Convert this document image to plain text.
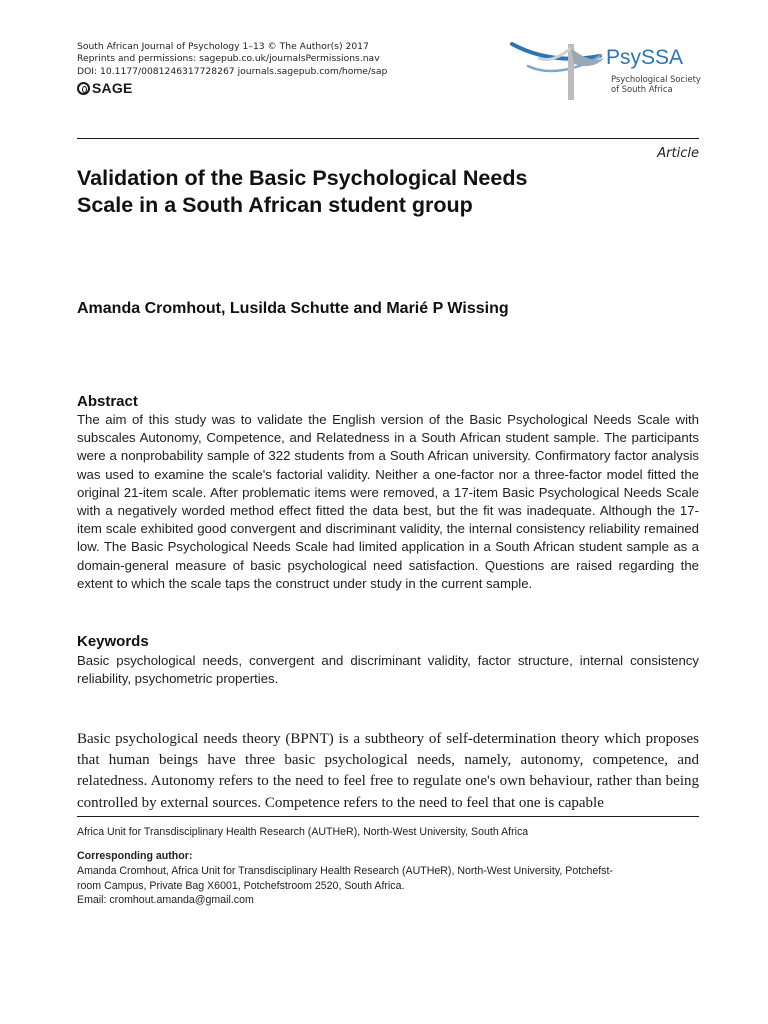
South African Journal of Psychology 1–13 © The Author(s) 2017
Reprints and permissions: sagepub.co.uk/journalsPermissions.nav
DOI: 10.1177/0081246317728267 journals.sagepub.com/home/sap
SAGE
PsySSA
Psychological Society
of South Africa
Article
Validation of the Basic Psychological Needs Scale in a South African student group
Amanda Cromhout, Lusilda Schutte and Marié P Wissing
Abstract
The aim of this study was to validate the English version of the Basic Psychological Needs Scale with subscales Autonomy, Competence, and Relatedness in a South African student sample. The participants were a nonprobability sample of 322 students from a South African university. Confirmatory factor analysis was used to examine the scale's factorial validity. Neither a one-factor nor a three-factor model fitted the original 21-item scale. After problematic items were removed, a 17-item Basic Psychological Needs Scale with a negatively worded method effect fitted the data best, but the fit was inadequate. Although the 17-item scale exhibited good convergent and discriminant validity, the internal consistency reliability remained low. The Basic Psychological Needs Scale had limited application in a South African student sample as a domain-general measure of basic psychological need satisfaction. Questions are raised regarding the extent to which the scale taps the construct under study in the current sample.
Keywords
Basic psychological needs, convergent and discriminant validity, factor structure, internal consistency reliability, psychometric properties.
Basic psychological needs theory (BPNT) is a subtheory of self-determination theory which proposes that human beings have three basic psychological needs, namely, autonomy, competence, and relatedness. Autonomy refers to the need to feel free to regulate one's own behaviour, rather than being controlled by external sources. Competence refers to the need to feel that one is capable
Africa Unit for Transdisciplinary Health Research (AUTHeR), North-West University, South Africa
Corresponding author:
Amanda Cromhout, Africa Unit for Transdisciplinary Health Research (AUTHeR), North-West University, Potchefst-
room Campus, Private Bag X6001, Potchefstroom 2520, South Africa.
Email: cromhout.amanda@gmail.com
